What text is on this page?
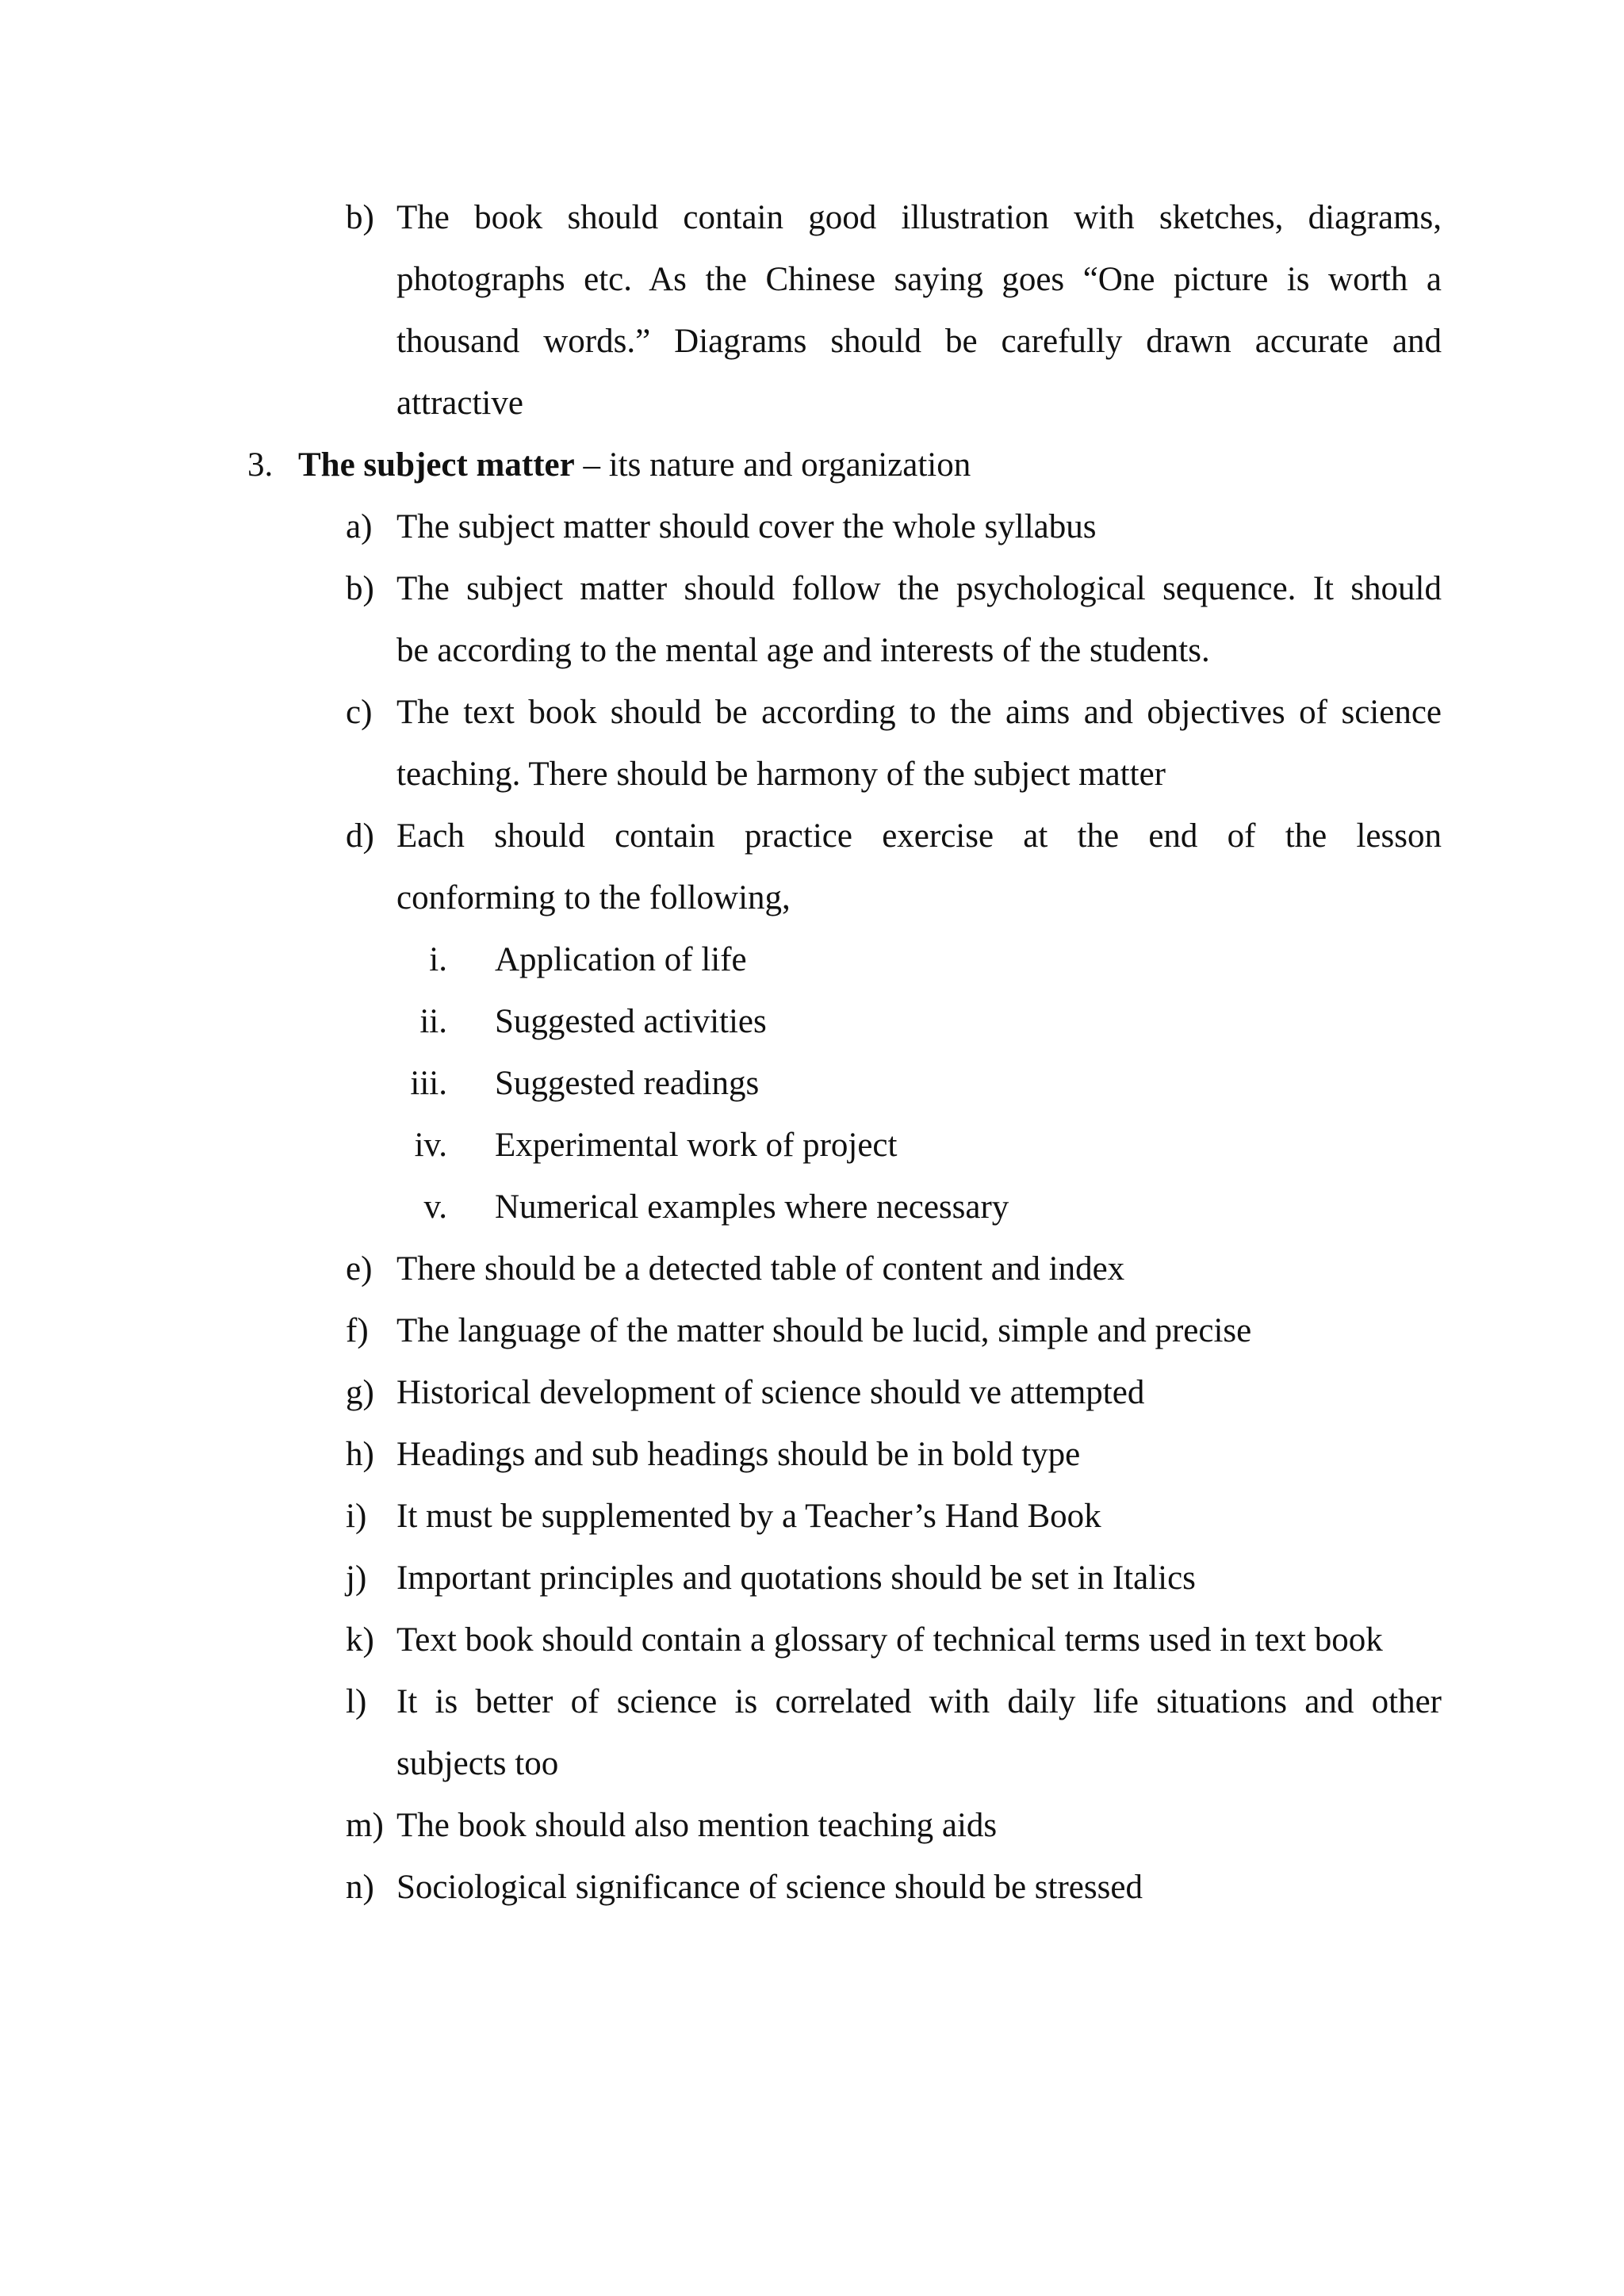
b) The book should contain good illustration with sketches, diagrams,
photographs etc. As the Chinese saying goes “One picture is worth a
thousand words.” Diagrams should be carefully drawn accurate and
attractive
3. The subject matter – its nature and organization
a) The subject matter should cover the whole syllabus
b) The subject matter should follow the psychological sequence. It should
be according to the mental age and interests of the students.
c) The text book should be according to the aims and objectives of science
teaching. There should be harmony of the subject matter
d) Each should contain practice exercise at the end of the lesson
conforming to the following,
i. Application of life
ii. Suggested activities
iii. Suggested readings
iv. Experimental work of project
v. Numerical examples where necessary
e) There should be a detected table of content and index
f) The language of the matter should be lucid, simple and precise
g) Historical development of science should ve attempted
h) Headings and sub headings should be in bold type
i) It must be supplemented by a Teacher’s Hand Book
j) Important principles and quotations should be set in Italics
k) Text book should contain a glossary of technical terms used in text book
l) It is better of science is correlated with daily life situations and other
subjects too
m) The book should also mention teaching aids
n) Sociological significance of science should be stressed
